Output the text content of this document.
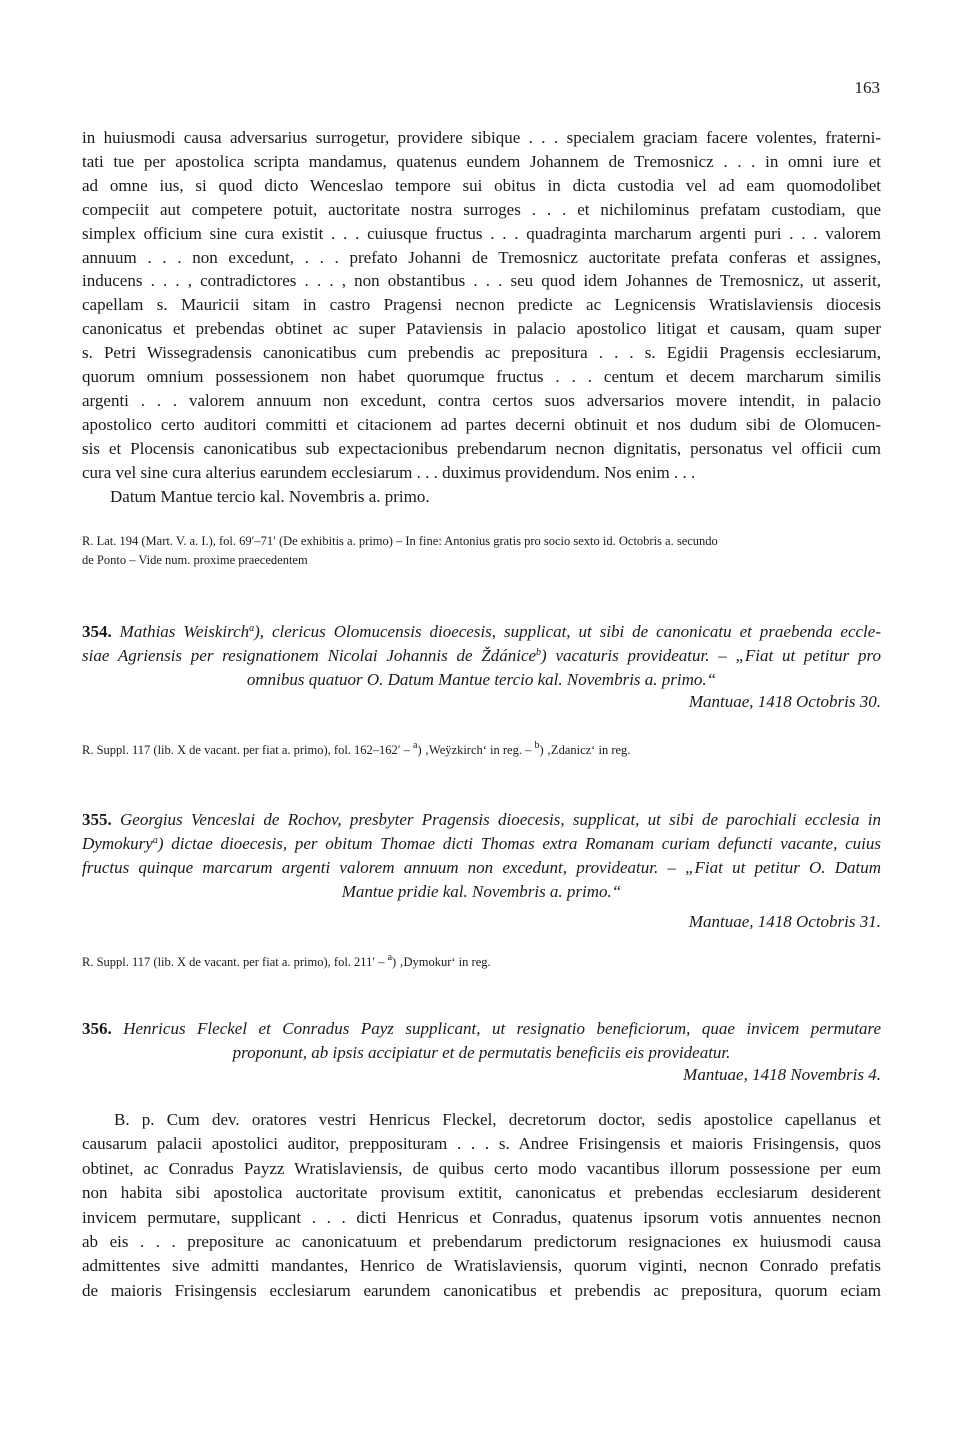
163
in huiusmodi causa adversarius surrogetur, providere sibique . . . specialem graciam facere volentes, fraterni-
tati tue per apostolica scripta mandamus, quatenus eundem Johannem de Tremosnicz . . . in omni iure et
ad omne ius, si quod dicto Wenceslao tempore sui obitus in dicta custodia vel ad eam quomodolibet
compeciit aut competere potuit, auctoritate nostra surroges . . . et nichilominus prefatam custodiam, que
simplex officium sine cura existit . . . cuiusque fructus . . . quadraginta marcharum argenti puri . . . valorem
annuum . . . non excedunt, . . . prefato Johanni de Tremosnicz auctoritate prefata conferas et assignes,
inducens . . . , contradictores . . . , non obstantibus . . . seu quod idem Johannes de Tremosnicz, ut asserit,
capellam s. Mauricii sitam in castro Pragensi necnon predicte ac Legnicensis Wratislaviensis diocesis
canonicatus et prebendas obtinet ac super Pataviensis in palacio apostolico litigat et causam, quam super
s. Petri Wissegradensis canonicatibus cum prebendis ac prepositura . . . s. Egidii Pragensis ecclesiarum,
quorum omnium possessionem non habet quorumque fructus . . . centum et decem marcharum similis
argenti . . . valorem annuum non excedunt, contra certos suos adversarios movere intendit, in palacio
apostolico certo auditori committi et citacionem ad partes decerni obtinuit et nos dudum sibi de Olomucen-
sis et Plocensis canonicatibus sub expectacionibus prebendarum necnon dignitatis, personatus vel officii cum
cura vel sine cura alterius earundem ecclesiarum . . . duximus providendum. Nos enim . . .
Datum Mantue tercio kal. Novembris a. primo.

R. Lat. 194 (Mart. V. a. I.), fol. 69′–71′ (De exhibitis a. primo) – In fine: Antonius gratis pro socio sexto id. Octobris a. secundo
de Ponto – Vide num. proxime praecedentem

354. Mathias Weiskirch$^a$), clericus Olomucensis dioecesis, supplicat, ut sibi de canonicatu et praebenda eccle-
siae Agriensis per resignationem Nicolai Johannis de Ždánice$^b$) vacaturis provideatur. – „Fiat ut petitur pro
omnibus quatuor O. Datum Mantue tercio kal. Novembris a. primo.“

Mantuae, 1418 Octobris 30.

R. Suppl. 117 (lib. X de vacant. per fiat a. primo), fol. 162–162′ – $^a$) ‚Weÿzkirch‘ in reg. – $^b$) ‚Zdanicz‘ in reg.

355. Georgius Venceslai de Rochov, presbyter Pragensis dioecesis, supplicat, ut sibi de parochiali ecclesia in
Dymokury$^a$) dictae dioecesis, per obitum Thomae dicti Thomas extra Romanam curiam defuncti vacante, cuius
fructus quinque marcarum argenti valorem annuum non excedunt, provideatur. – „Fiat ut petitur O. Datum
Mantue pridie kal. Novembris a. primo.“

Mantuae, 1418 Octobris 31.

R. Suppl. 117 (lib. X de vacant. per fiat a. primo), fol. 211′ – $^a$) ‚Dymokur‘ in reg.

356. Henricus Fleckel et Conradus Payz supplicant, ut resignatio beneficiorum, quae invicem permutare
proponunt, ab ipsis accipiatur et de permutatis beneficiis eis provideatur.

Mantuae, 1418 Novembris 4.

B. p. Cum dev. oratores vestri Henricus Fleckel, decretorum doctor, sedis apostolice capellanus et
causarum palacii apostolici auditor, prepposituram . . . s. Andree Frisingensis et maioris Frisingensis, quos
obtinet, ac Conradus Payzz Wratislaviensis, de quibus certo modo vacantibus illorum possessione per eum
non habita sibi apostolica auctoritate provisum extitit, canonicatus et prebendas ecclesiarum desiderent
invicem permutare, supplicant . . . dicti Henricus et Conradus, quatenus ipsorum votis annuentes necnon
ab eis . . . prepositure ac canonicatuum et prebendarum predictorum resignaciones ex huiusmodi causa
admittentes sive admitti mandantes, Henrico de Wratislaviensis, quorum viginti, necnon Conrado prefatis
de maioris Frisingensis ecclesiarum earundem canonicatibus et prebendis ac prepositura, quorum eciam
